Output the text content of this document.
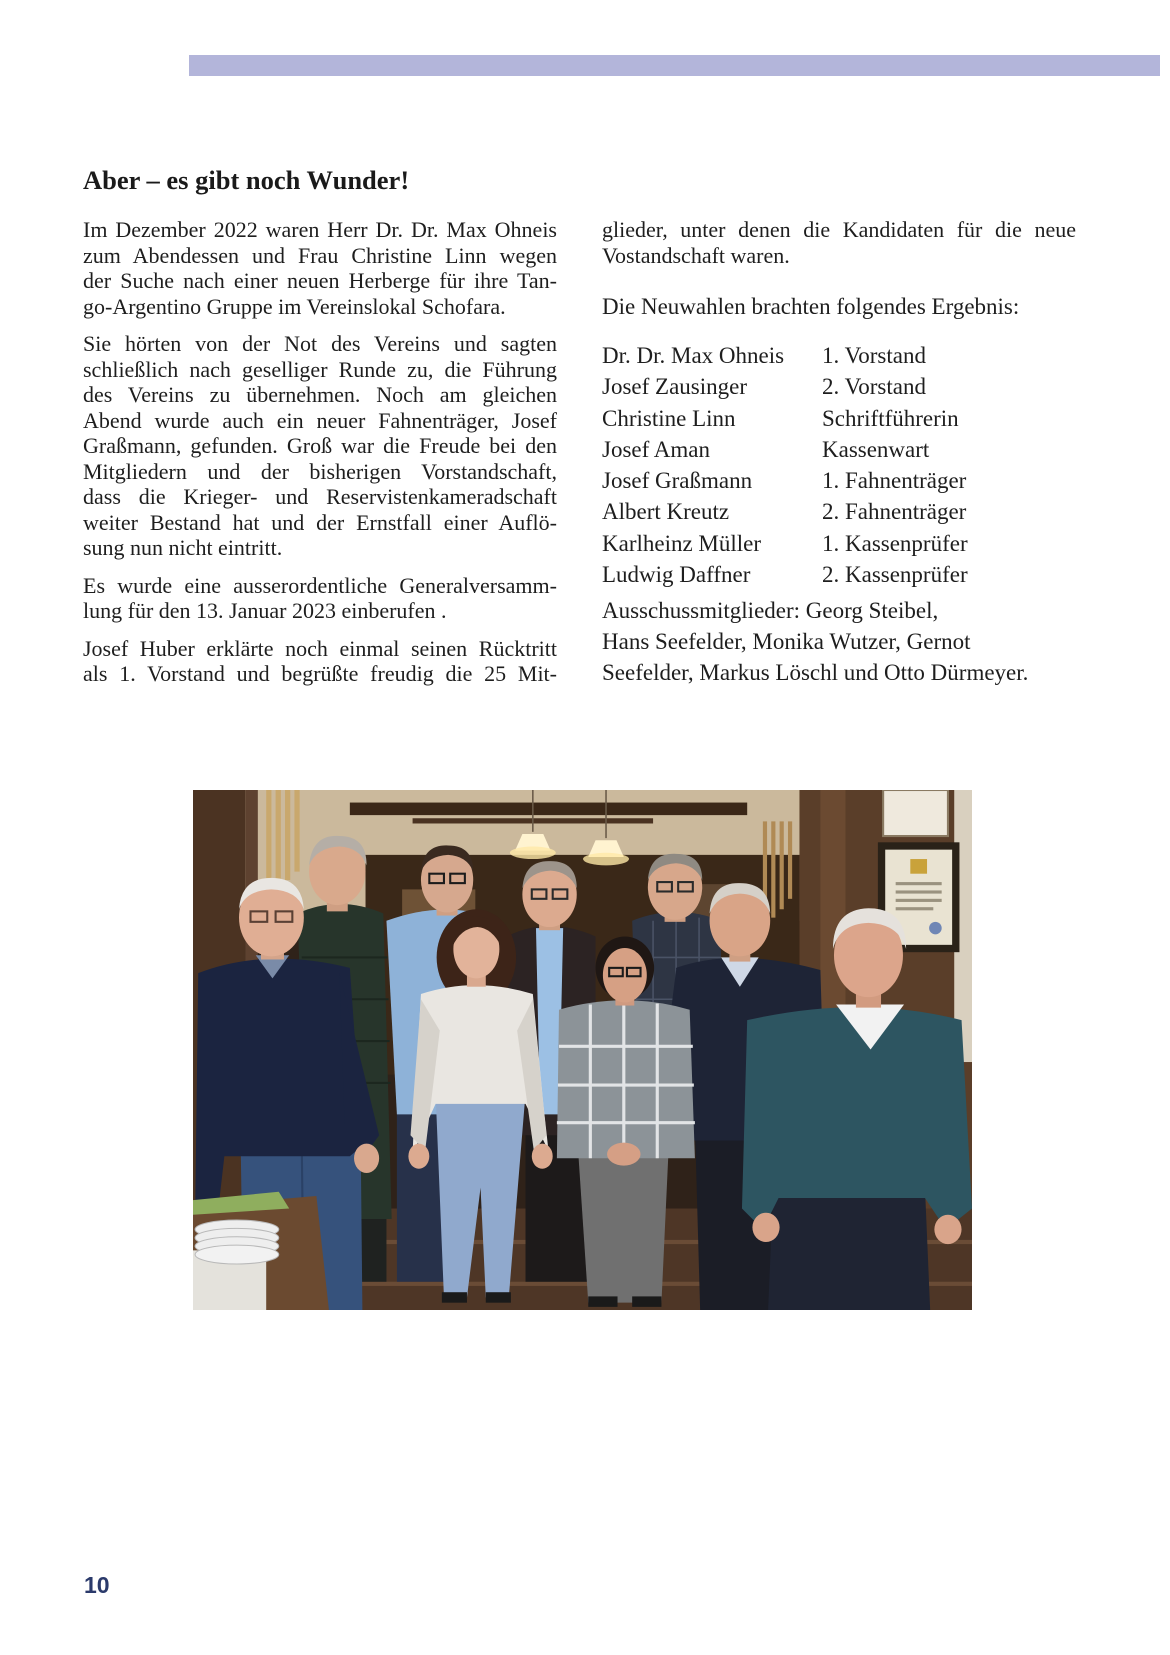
Aber – es gibt noch Wunder!

Im Dezember 2022 waren Herr Dr. Dr. Max Ohneis
zum Abendessen und Frau Christine Linn wegen
der Suche nach einer neuen Herberge für ihre Tan-
go-Argentino Gruppe im Vereinslokal Schofara.

Sie hörten von der Not des Vereins und sagten
schließlich nach geselliger Runde zu, die Führung
des Vereins zu übernehmen. Noch am gleichen
Abend wurde auch ein neuer Fahnenträger, Josef
Graßmann, gefunden. Groß war die Freude bei den
Mitgliedern und der bisherigen Vorstandschaft,
dass die Krieger- und Reservistenkameradschaft
weiter Bestand hat und der Ernstfall einer Auflö-
sung nun nicht eintritt.

Es wurde eine ausserordentliche Generalversamm-
lung für den 13. Januar 2023 einberufen .

Josef Huber erklärte noch einmal seinen Rücktritt
als 1. Vorstand und begrüßte freudig die 25 Mit-

glieder, unter denen die Kandidaten für die neue
Vostandschaft waren.

Die Neuwahlen brachten folgendes Ergebnis:
Dr. Dr. Max Ohneis	1. Vorstand
Josef Zausinger	2. Vorstand
Christine Linn	Schriftführerin
Josef Aman	Kassenwart
Josef Graßmann	1. Fahnenträger
Albert Kreutz	2. Fahnenträger
Karlheinz Müller	1. Kassenprüfer
Ludwig Daffner	2. Kassenprüfer
Ausschussmitglieder: Georg Steibel,
Hans Seefelder, Monika Wutzer, Gernot
Seefelder, Markus Löschl und Otto Dürmeyer.
10
